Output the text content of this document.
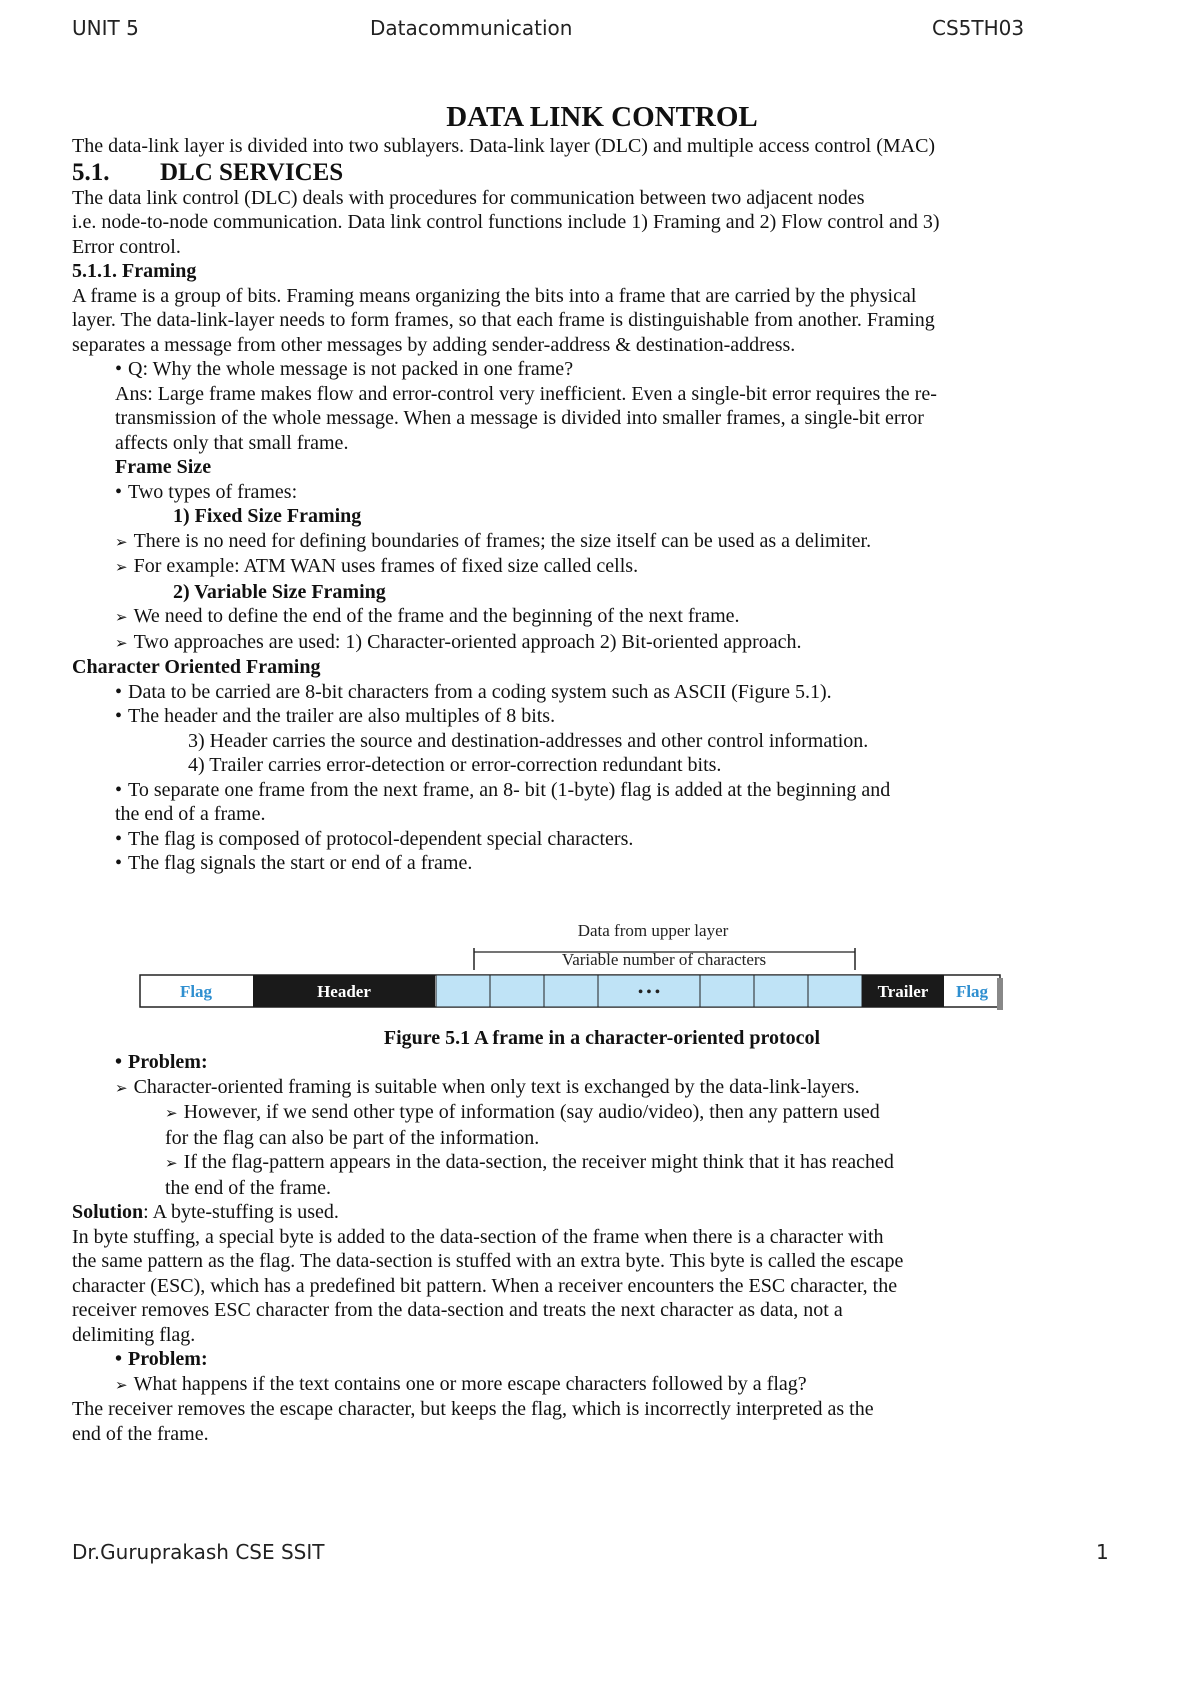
UNIT 5	Datacommunication	CS5TH03

DATA LINK CONTROL

The data-link layer is divided into two sublayers. Data-link layer (DLC) and multiple access control (MAC)

5.1. DLC SERVICES

The data link control (DLC) deals with procedures for communication between two adjacent nodes

i.e. node-to-node communication. Data link control functions include 1) Framing and 2) Flow control and 3)

Error control.

5.1.1. Framing

A frame is a group of bits. Framing means organizing the bits into a frame that are carried by the physical

layer. The data-link-layer needs to form frames, so that each frame is distinguishable from another. Framing

separates a message from other messages by adding sender-address & destination-address.

• Q: Why the whole message is not packed in one frame?

Ans: Large frame makes flow and error-control very inefficient. Even a single-bit error requires the re-

transmission of the whole message. When a message is divided into smaller frames, a single-bit error

affects only that small frame.

Frame Size

• Two types of frames:

1) Fixed Size Framing

➢ There is no need for defining boundaries of frames; the size itself can be used as a delimiter.

➢ For example: ATM WAN uses frames of fixed size called cells.

2) Variable Size Framing

➢ We need to define the end of the frame and the beginning of the next frame.

➢ Two approaches are used: 1) Character-oriented approach 2) Bit-oriented approach.

Character Oriented Framing

• Data to be carried are 8-bit characters from a coding system such as ASCII (Figure 5.1).

• The header and the trailer are also multiples of 8 bits.

3) Header carries the source and destination-addresses and other control information.

4) Trailer carries error-detection or error-correction redundant bits.

• To separate one frame from the next frame, an 8- bit (1-byte) flag is added at the beginning and

the end of a frame.

• The flag is composed of protocol-dependent special characters.

• The flag signals the start or end of a frame.

Data from upper layer
Variable number of characters
Flag	Header	• • •	Trailer Flag

Figure 5.1 A frame in a character-oriented protocol

• Problem:

➢ Character-oriented framing is suitable when only text is exchanged by the data-link-layers.

➢ However, if we send other type of information (say audio/video), then any pattern used

for the flag can also be part of the information.

➢ If the flag-pattern appears in the data-section, the receiver might think that it has reached

the end of the frame.

Solution: A byte-stuffing is used.

In byte stuffing, a special byte is added to the data-section of the frame when there is a character with

the same pattern as the flag. The data-section is stuffed with an extra byte. This byte is called the escape

character (ESC), which has a predefined bit pattern. When a receiver encounters the ESC character, the

receiver removes ESC character from the data-section and treats the next character as data, not a

delimiting flag.

• Problem:

➢ What happens if the text contains one or more escape characters followed by a flag?

The receiver removes the escape character, but keeps the flag, which is incorrectly interpreted as the

end of the frame.

Dr.Guruprakash CSE SSIT	1
